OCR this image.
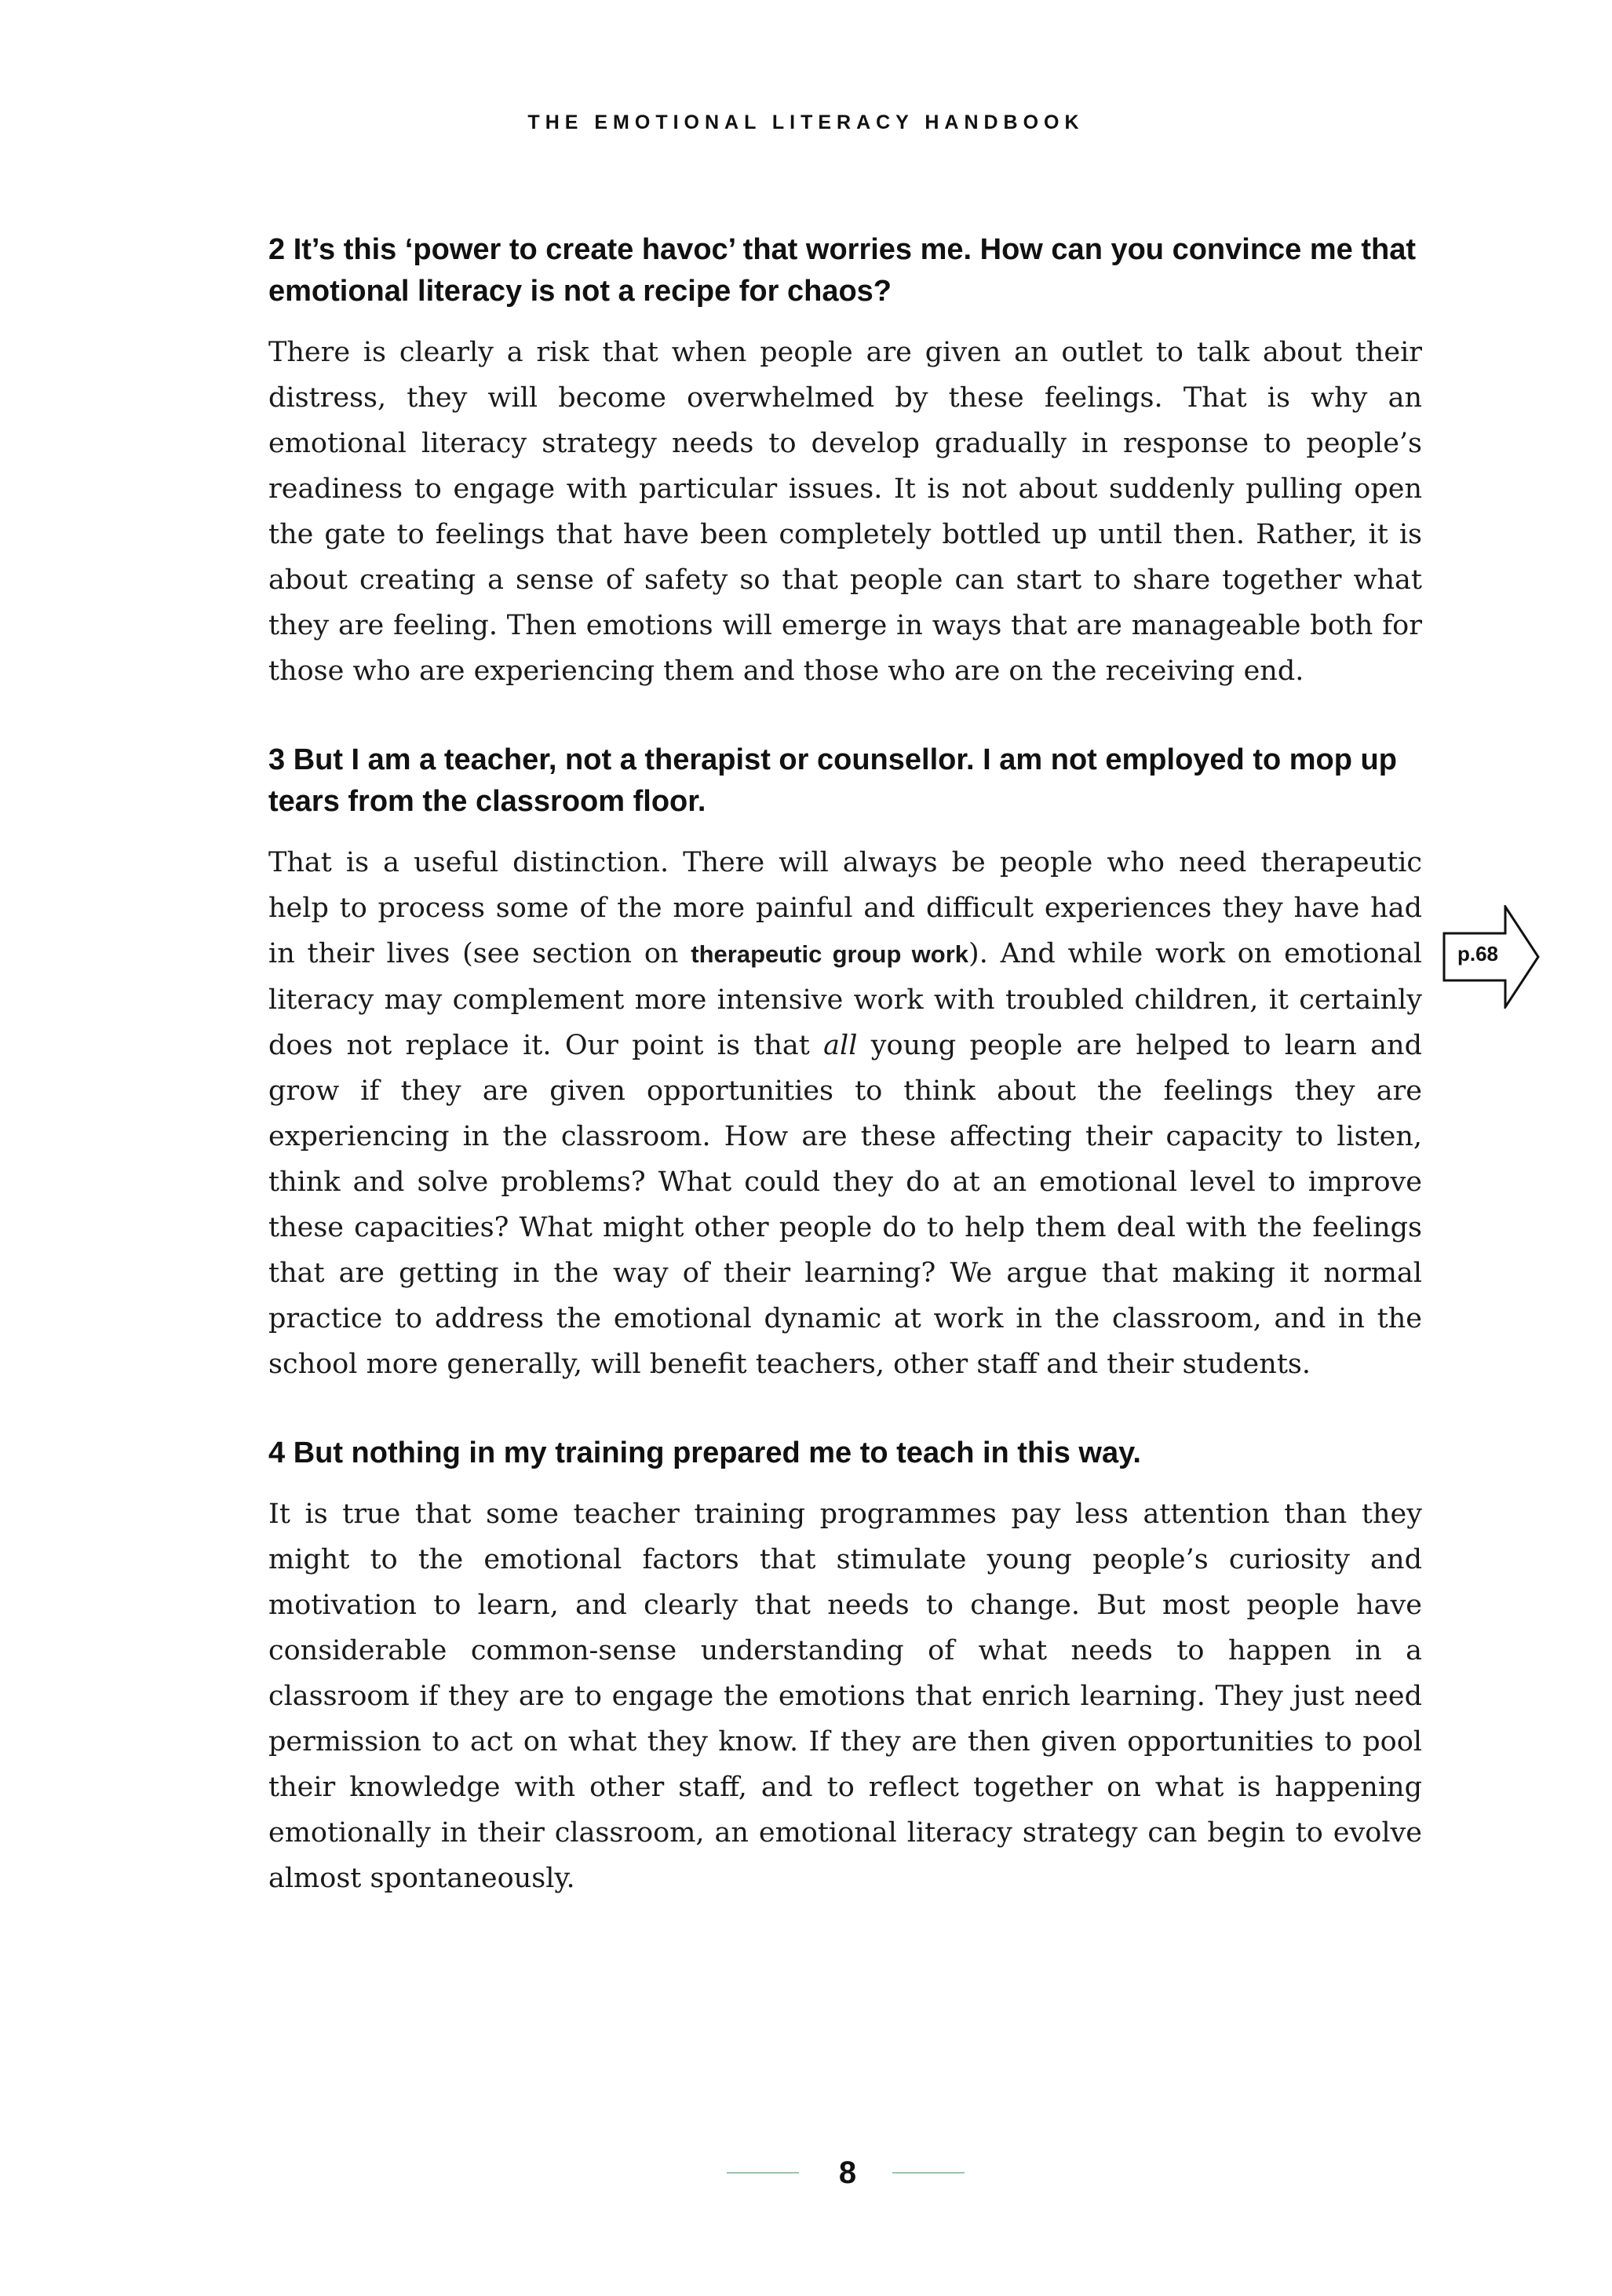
THE EMOTIONAL LITERACY HANDBOOK
2 It’s this ‘power to create havoc’ that worries me. How can you convince me that emotional literacy is not a recipe for chaos?

There is clearly a risk that when people are given an outlet to talk about their distress, they will become overwhelmed by these feelings. That is why an emotional literacy strategy needs to develop gradually in response to people’s readiness to engage with particular issues. It is not about suddenly pulling open the gate to feelings that have been completely bottled up until then. Rather, it is about creating a sense of safety so that people can start to share together what they are feeling. Then emotions will emerge in ways that are manageable both for those who are experiencing them and those who are on the receiving end.

3 But I am a teacher, not a therapist or counsellor. I am not employed to mop up tears from the classroom floor.

That is a useful distinction. There will always be people who need therapeutic help to process some of the more painful and difficult experiences they have had in their lives (see section on therapeutic group work). And while work on emotional literacy may complement more intensive work with troubled children, it certainly does not replace it. Our point is that all young people are helped to learn and grow if they are given opportunities to think about the feelings they are experiencing in the classroom. How are these affecting their capacity to listen, think and solve problems? What could they do at an emotional level to improve these capacities? What might other people do to help them deal with the feelings that are getting in the way of their learning? We argue that making it normal practice to address the emotional dynamic at work in the classroom, and in the school more generally, will benefit teachers, other staff and their students.

4 But nothing in my training prepared me to teach in this way.

It is true that some teacher training programmes pay less attention than they might to the emotional factors that stimulate young people’s curiosity and motivation to learn, and clearly that needs to change. But most people have considerable common-sense understanding of what needs to happen in a classroom if they are to engage the emotions that enrich learning. They just need permission to act on what they know. If they are then given opportunities to pool their knowledge with other staff, and to reflect together on what is happening emotionally in their classroom, an emotional literacy strategy can begin to evolve almost spontaneously.

p.68
8
